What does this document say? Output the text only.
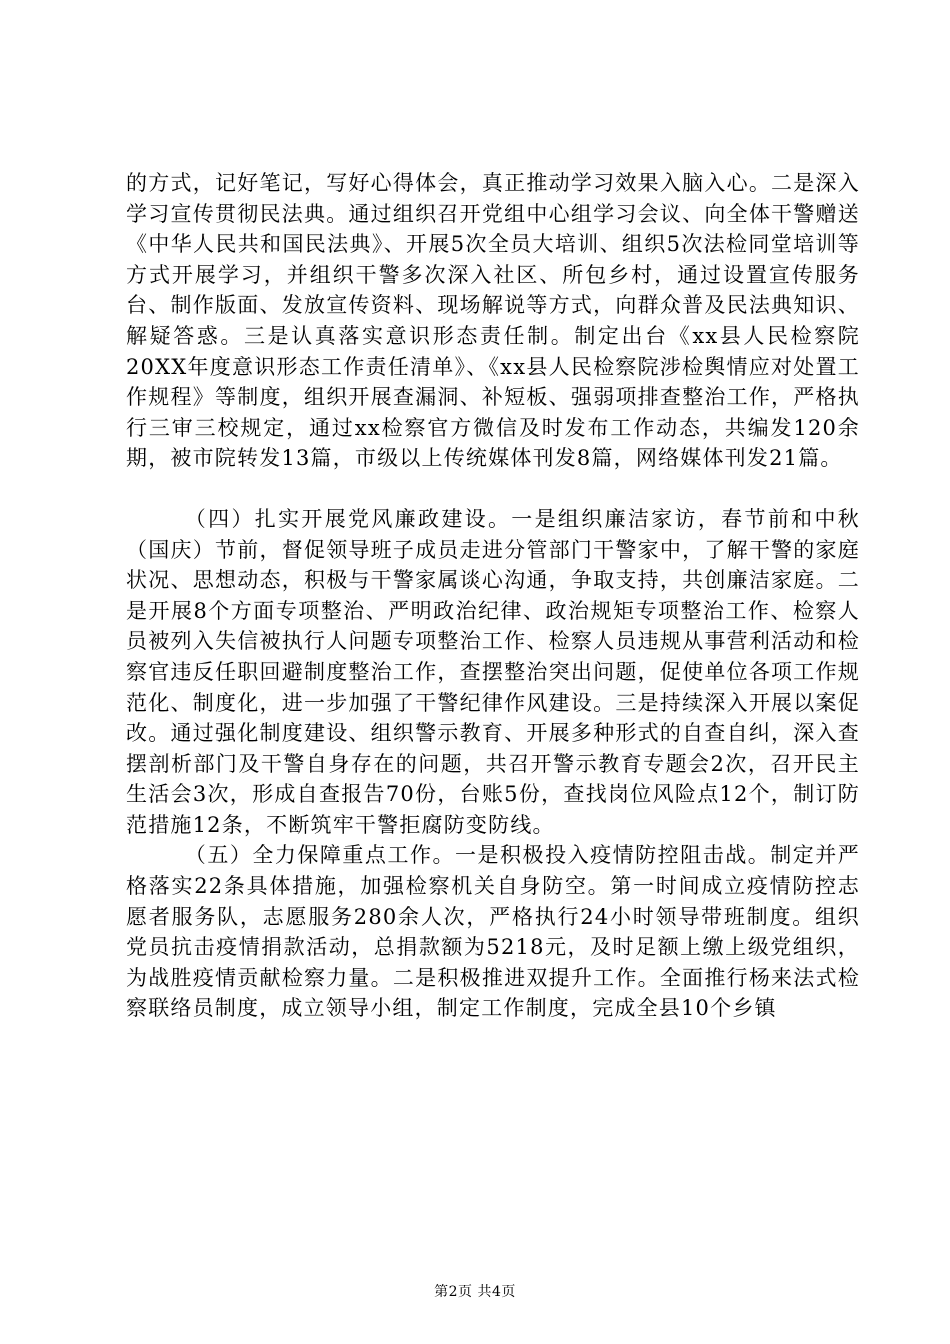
的方式，记好笔记，写好心得体会，真正推动学习效果入脑入心。二是深入学习宣传贯彻民法典。通过组织召开党组中心组学习会议、向全体干警赠送《中华人民共和国民法典》、开展5次全员大培训、组织5次法检同堂培训等方式开展学习，并组织干警多次深入社区、所包乡村，通过设置宣传服务台、制作版面、发放宣传资料、现场解说等方式，向群众普及民法典知识、解疑答惑。三是认真落实意识形态责任制。制定出台《xx县人民检察院20XX年度意识形态工作责任清单》、《xx县人民检察院涉检舆情应对处置工作规程》等制度，组织开展查漏洞、补短板、强弱项排查整治工作，严格执行三审三校规定，通过xx检察官方微信及时发布工作动态，共编发120余期，被市院转发13篇，市级以上传统媒体刊发8篇，网络媒体刊发21篇。

（四）扎实开展党风廉政建设。一是组织廉洁家访，春节前和中秋（国庆）节前，督促领导班子成员走进分管部门干警家中，了解干警的家庭状况、思想动态，积极与干警家属谈心沟通，争取支持，共创廉洁家庭。二是开展8个方面专项整治、严明政治纪律、政治规矩专项整治工作、检察人员被列入失信被执行人问题专项整治工作、检察人员违规从事营利活动和检察官违反任职回避制度整治工作，查摆整治突出问题，促使单位各项工作规范化、制度化，进一步加强了干警纪律作风建设。三是持续深入开展以案促改。通过强化制度建设、组织警示教育、开展多种形式的自查自纠，深入查摆剖析部门及干警自身存在的问题，共召开警示教育专题会2次，召开民主生活会3次，形成自查报告70份，台账5份，查找岗位风险点12个，制订防范措施12条，不断筑牢干警拒腐防变防线。

（五）全力保障重点工作。一是积极投入疫情防控阻击战。制定并严格落实22条具体措施，加强检察机关自身防空。第一时间成立疫情防控志愿者服务队，志愿服务280余人次，严格执行24小时领导带班制度。组织党员抗击疫情捐款活动，总捐款额为5218元，及时足额上缴上级党组织，为战胜疫情贡献检察力量。二是积极推进双提升工作。全面推行杨来法式检察联络员制度，成立领导小组，制定工作制度，完成全县10个乡镇

第2页 共4页
